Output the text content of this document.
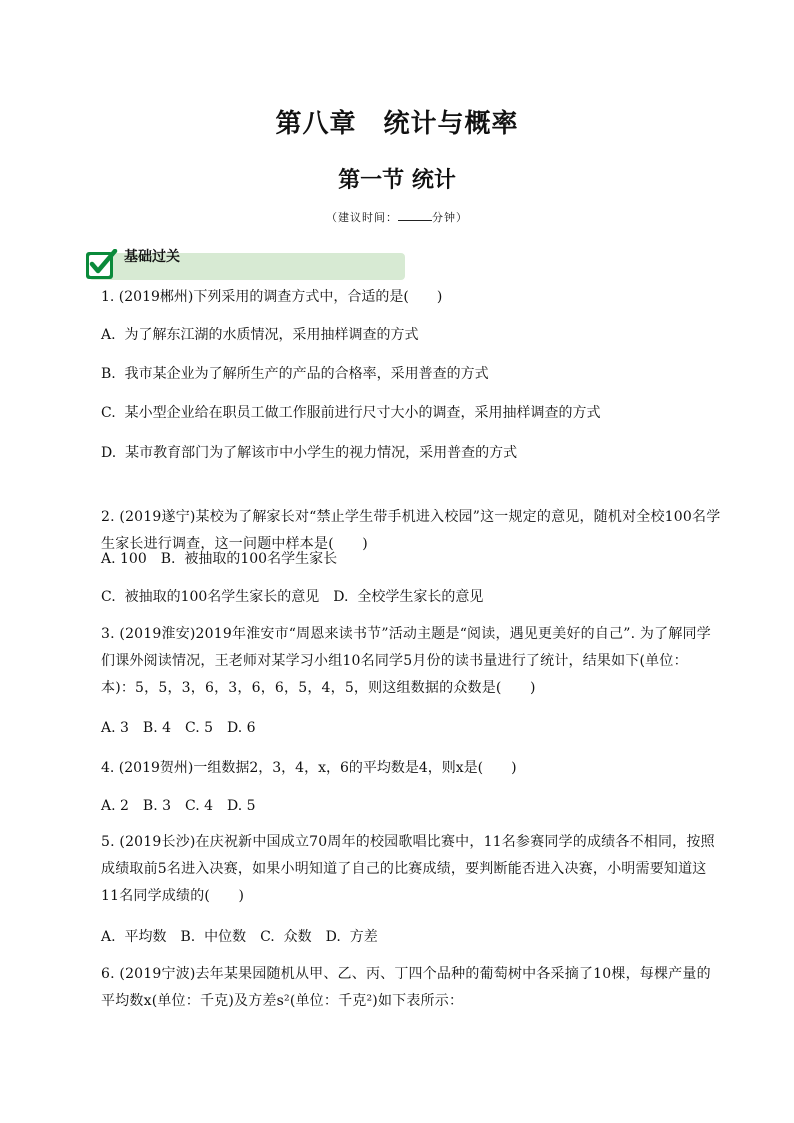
第八章　统计与概率
第一节 统计
（建议时间：	分钟）
基础过关
1. (2019郴州)下列采用的调查方式中，合适的是(　　)
A.  为了解东江湖的水质情况，采用抽样调查的方式
B.  我市某企业为了解所生产的产品的合格率，采用普查的方式
C.  某小型企业给在职员工做工作服前进行尺寸大小的调查，采用抽样调查的方式
D.  某市教育部门为了解该市中小学生的视力情况，采用普查的方式
2. (2019遂宁)某校为了解家长对“禁止学生带手机进入校园”这一规定的意见，随机对全校100名学生家长进行调查，这一问题中样本是(　　)
A. 100　B.  被抽取的100名学生家长
C.  被抽取的100名学生家长的意见　D.  全校学生家长的意见
3. (2019淮安)2019年淮安市“周恩来读书节”活动主题是“阅读，遇见更美好的自己”. 为了解同学们课外阅读情况，王老师对某学习小组10名同学5月份的读书量进行了统计，结果如下(单位：本)：5，5，3，6，3，6，6，5，4，5，则这组数据的众数是(　　)
A. 3　B. 4　C. 5　D. 6
4. (2019贺州)一组数据2，3，4，x，6的平均数是4，则x是(　　)
A. 2　B. 3　C. 4　D. 5
5. (2019长沙)在庆祝新中国成立70周年的校园歌唱比赛中，11名参赛同学的成绩各不相同，按照成绩取前5名进入决赛，如果小明知道了自己的比赛成绩，要判断能否进入决赛，小明需要知道这11名同学成绩的(　　)
A.  平均数　B.  中位数　C.  众数　D.  方差
6. (2019宁波)去年某果园随机从甲、乙、丙、丁四个品种的葡萄树中各采摘了10棵，每棵产量的平均数x(单位：千克)及方差s²(单位：千克²)如下表所示：
